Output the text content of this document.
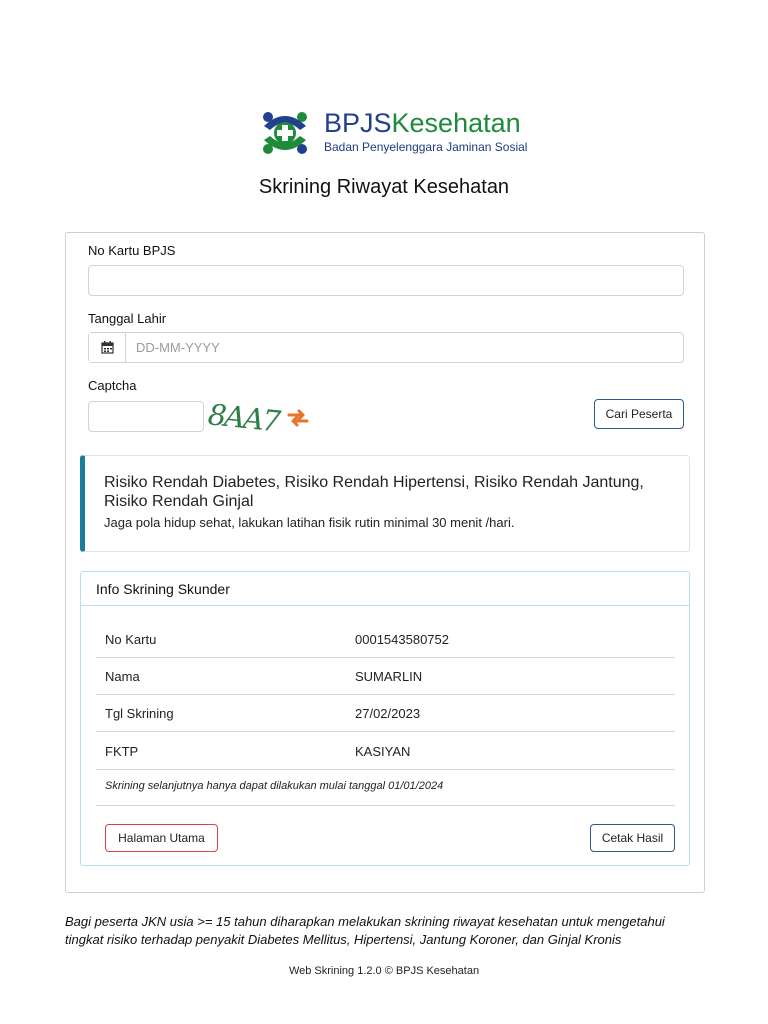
BPJSKesehatan
Badan Penyelenggara Jaminan Sosial
Skrining Riwayat Kesehatan
No Kartu BPJS
Tanggal Lahir
DD-MM-YYYY
Captcha
8AA7	Cari Peserta
Risiko Rendah Diabetes, Risiko Rendah Hipertensi, Risiko Rendah Jantung, Risiko Rendah Ginjal
Jaga pola hidup sehat, lakukan latihan fisik rutin minimal 30 menit /hari.
Info Skrining Skunder
No Kartu	0001543580752
Nama	SUMARLIN
Tgl Skrining	27/02/2023
FKTP	KASIYAN
Skrining selanjutnya hanya dapat dilakukan mulai tanggal 01/01/2024
Halaman Utama	Cetak Hasil
Bagi peserta JKN usia >= 15 tahun diharapkan melakukan skrining riwayat kesehatan untuk mengetahui tingkat risiko terhadap penyakit Diabetes Mellitus, Hipertensi, Jantung Koroner, dan Ginjal Kronis
Web Skrining 1.2.0 © BPJS Kesehatan
